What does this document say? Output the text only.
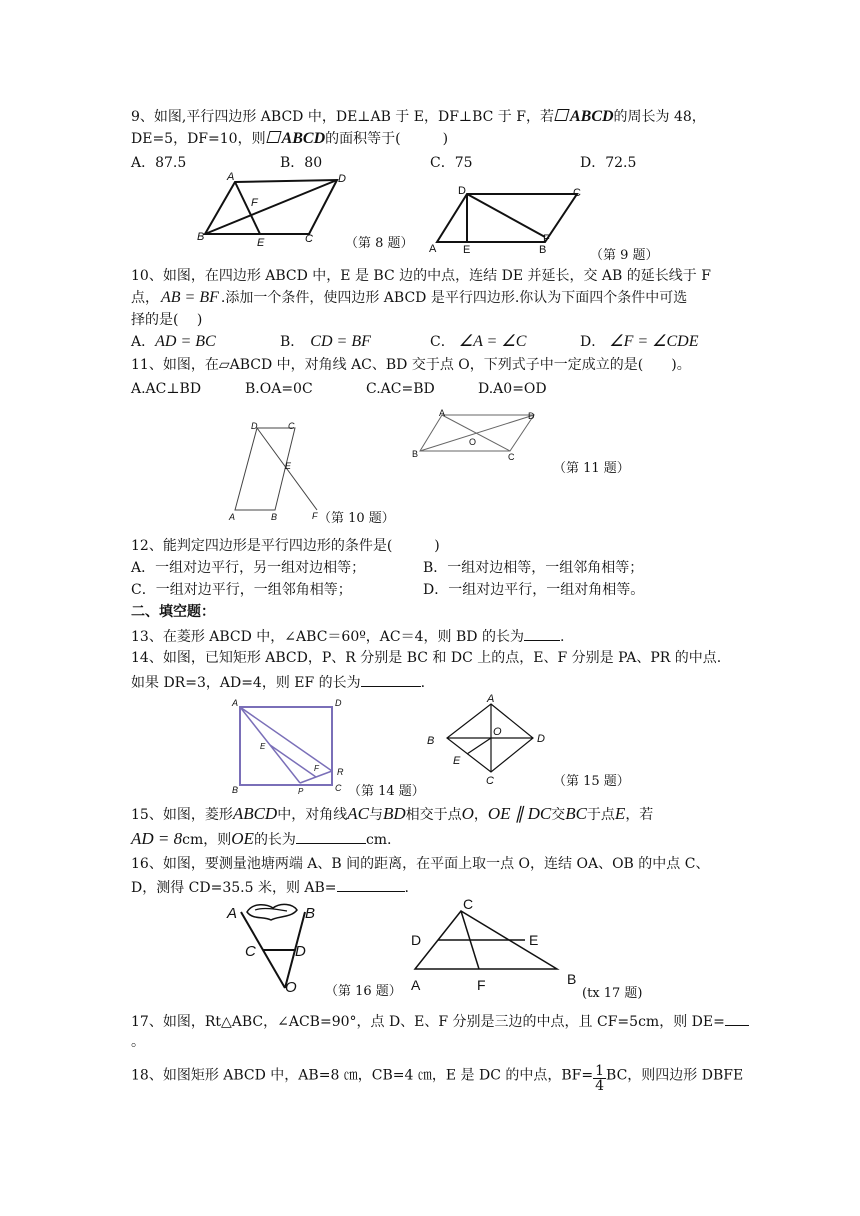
9、如图,平行四边形 ABCD 中，DE⊥AB 于 E，DF⊥BC 于 F，若 ABCD的周长为 48，
DE=5，DF=10，则 ABCD的面积等于(　　　)
A．87.5	B．80	C．75	D．72.5
A	D
F
B	E	C （第 8 题）
D	C
A E	B
F
（第 9 题）
10、如图，在四边形 ABCD 中，E 是 BC 边的中点，连结 DE 并延长，交 AB 的延长线于 F
点， AB = BF .添加一个条件，使四边形 ABCD 是平行四边形.你认为下面四个条件中可选
择的是(　 )
A．AD = BC	B． CD = BF	C． ∠A = ∠C	D． ∠F = ∠CDE
11、如图，在▱ABCD 中，对角线 AC、BD 交于点 O，下列式子中一定成立的是(　　)。
A.AC⊥BD	B.OA=0C	C.AC=BD	D.A0=OD
D	C
E
A	B	F （第 10 题）
A	D
O
B	C
（第 11 题）
12、能判定四边形是平行四边形的条件是(　　　)
A．一组对边平行，另一组对边相等；	B．一组对边相等，一组邻角相等；
C．一组对边平行，一组邻角相等；	D．一组对边平行，一组对角相等。
二、填空题：
13、在菱形 ABCD 中，∠ABC＝60º，AC＝4，则 BD 的长为	.
14、如图，已知矩形 ABCD，P、R 分别是 BC 和 DC 上的点，E、F 分别是 PA、PR 的中点.
如果 DR=3，AD=4，则 EF 的长为	.
A	D
E
F R
B	P	C （第 14 题）
A
B
O
D
E
C	（第 15 题）
15、如图，菱形ABCD中，对角线AC与BD相交于点O，OE ∥ DC交BC于点E，若
AD = 8cm，则OE的长为	cm.
16、如图，要测量池塘两端 A、B 间的距离，在平面上取一点 O，连结 OA、OB 的中点 C、
D，测得 CD=35.5 米，则 AB=	.
A	B
C	D
O （第 16 题）
C
D	E
A	F	B
(tx 17 题)
17、如图，Rt△ABC，∠ACB=90°，点 D、E、F 分别是三边的中点，且 CF=5cm，则 DE=
。
18、如图矩形 ABCD 中，AB=8 ㎝，CB=4 ㎝，E 是 DC 的中点，$BF= \frac{1}{4}$ BC，则四边形 DBFE
